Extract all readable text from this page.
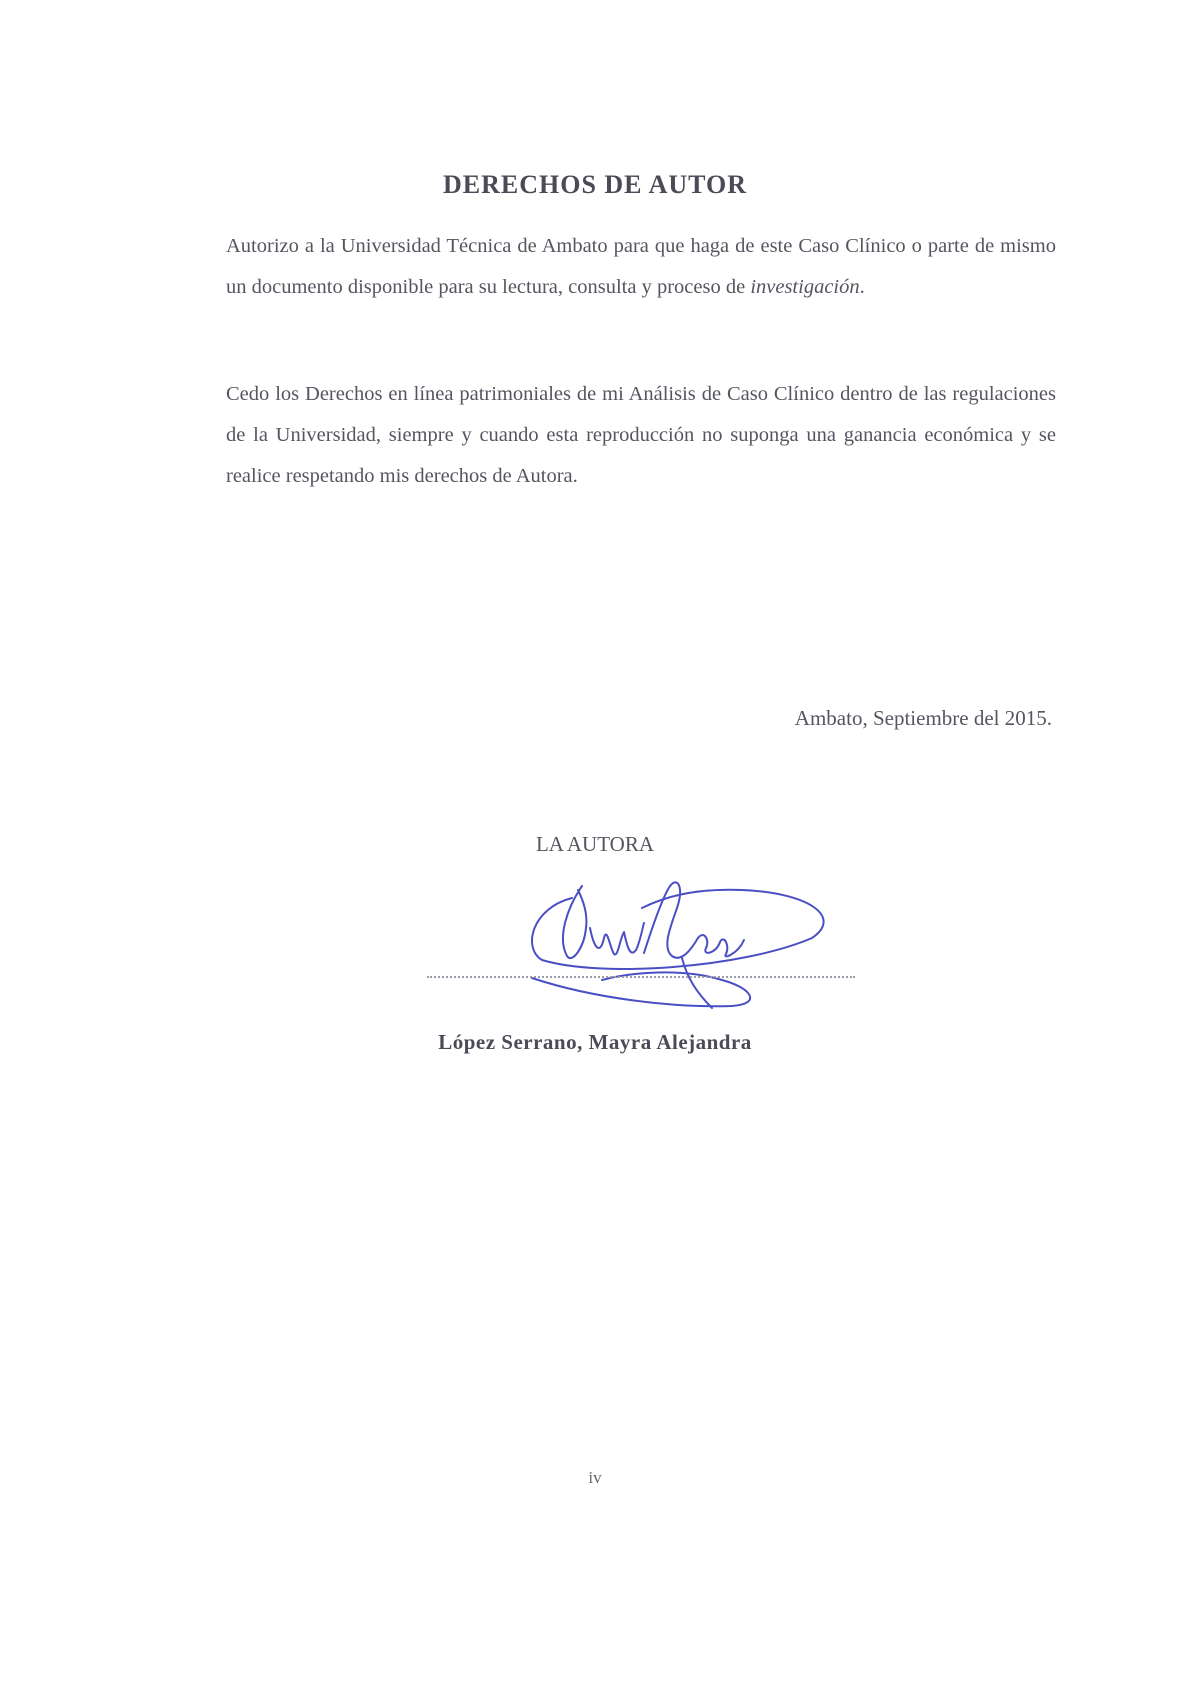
DERECHOS DE AUTOR
Autorizo a la Universidad Técnica de Ambato para que haga de este Caso Clínico o parte de mismo un documento disponible para su lectura, consulta y proceso de investigación.
Cedo los Derechos en línea patrimoniales de mi Análisis de Caso Clínico dentro de las regulaciones de la Universidad, siempre y cuando esta reproducción no suponga una ganancia económica y se realice respetando mis derechos de Autora.
Ambato, Septiembre del 2015.
LA AUTORA
López Serrano, Mayra Alejandra
iv
